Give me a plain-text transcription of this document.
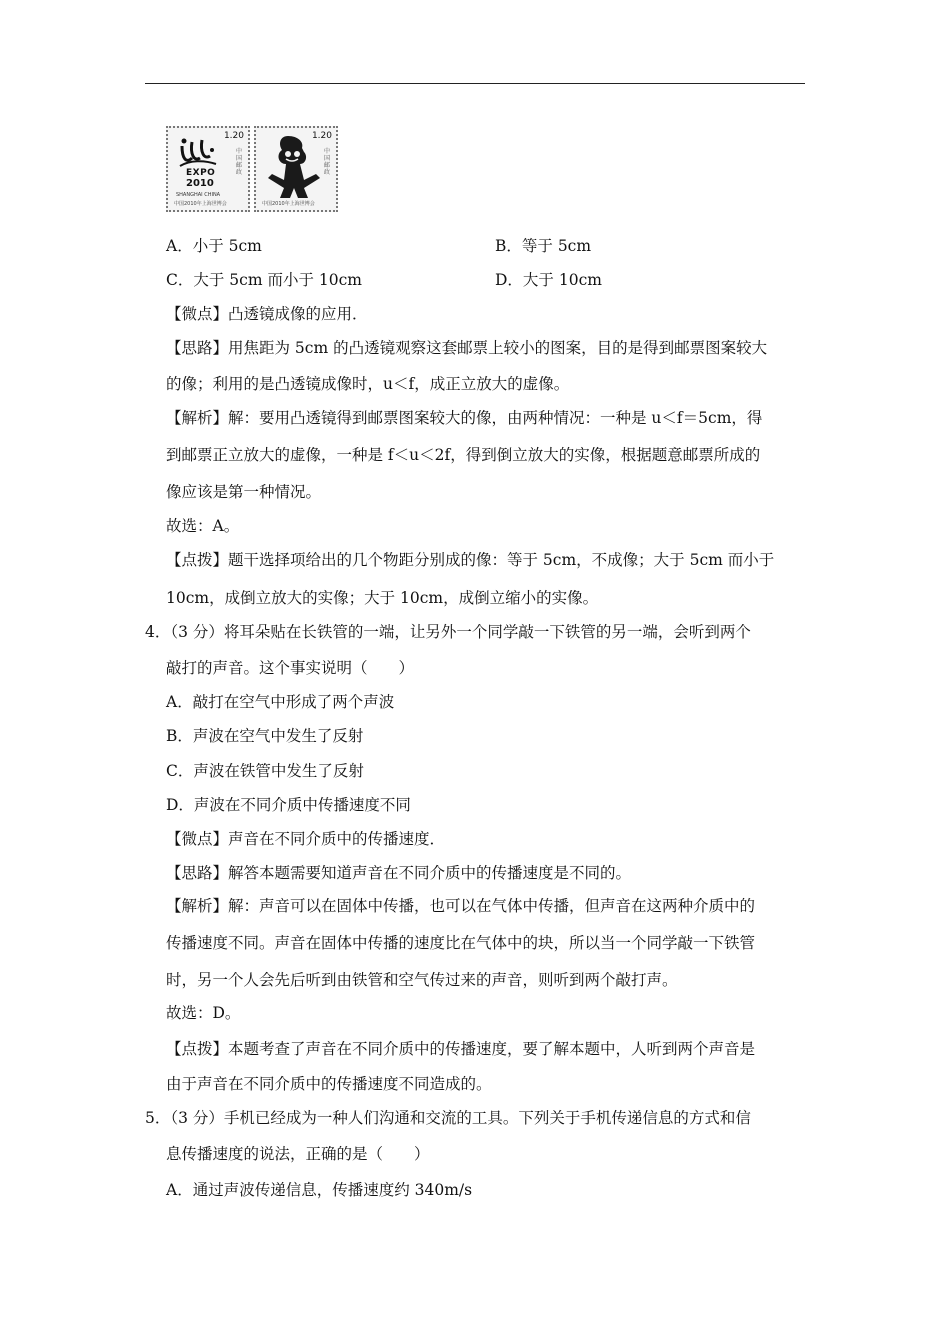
1.20
中国邮政
EXPO
2010
SHANGHAI CHINA
中国2010年上海世博会
1.20
中国邮政
中国2010年上海世博会
A．小于 5cm	B．等于 5cm
C．大于 5cm 而小于 10cm	D．大于 10cm
【微点】凸透镜成像的应用．
【思路】用焦距为 5cm 的凸透镜观察这套邮票上较小的图案，目的是得到邮票图案较大
的像；利用的是凸透镜成像时，u＜f，成正立放大的虚像。
【解析】解：要用凸透镜得到邮票图案较大的像，由两种情况：一种是 u＜f＝5cm，得
到邮票正立放大的虚像，一种是 f＜u＜2f，得到倒立放大的实像，根据题意邮票所成的
像应该是第一种情况。
故选：A。
【点拨】题干选择项给出的几个物距分别成的像：等于 5cm，不成像；大于 5cm 而小于
10cm，成倒立放大的实像；大于 10cm，成倒立缩小的实像。
4．（3 分）将耳朵贴在长铁管的一端，让另外一个同学敲一下铁管的另一端，会听到两个
敲打的声音。这个事实说明（　　）
A．敲打在空气中形成了两个声波
B．声波在空气中发生了反射
C．声波在铁管中发生了反射
D．声波在不同介质中传播速度不同
【微点】声音在不同介质中的传播速度．
【思路】解答本题需要知道声音在不同介质中的传播速度是不同的。
【解析】解：声音可以在固体中传播，也可以在气体中传播，但声音在这两种介质中的
传播速度不同。声音在固体中传播的速度比在气体中的块，所以当一个同学敲一下铁管
时，另一个人会先后听到由铁管和空气传过来的声音，则听到两个敲打声。
故选：D。
【点拨】本题考查了声音在不同介质中的传播速度，要了解本题中，人听到两个声音是
由于声音在不同介质中的传播速度不同造成的。
5．（3 分）手机已经成为一种人们沟通和交流的工具。下列关于手机传递信息的方式和信
息传播速度的说法，正确的是（　　）
A．通过声波传递信息，传播速度约 340m/s
